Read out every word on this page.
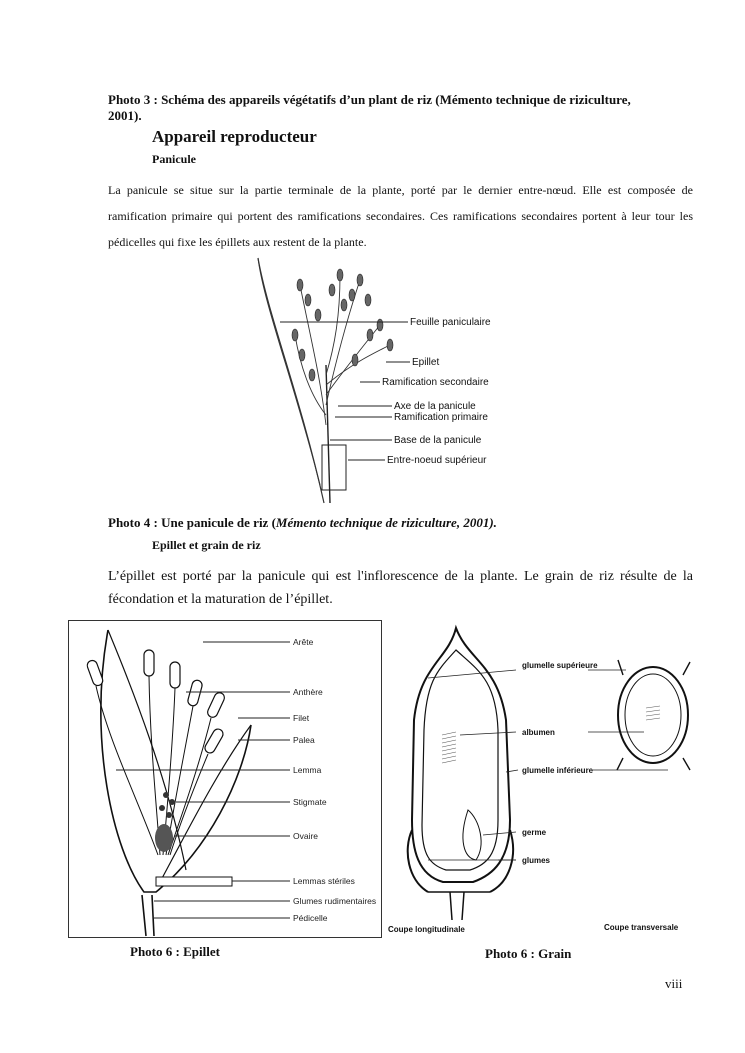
Photo 3 : Schéma des appareils végétatifs d’un plant de riz (Mémento technique de riziculture, 2001).
Appareil reproducteur
Panicule
La panicule se situe sur la partie terminale de la plante, porté par le dernier entre-nœud. Elle est composée de ramification primaire qui portent des ramifications secondaires. Ces ramifications secondaires portent à leur tour les pédicelles qui fixe les épillets aux restent de la plante.
Feuille paniculaire
Epillet
Ramification secondaire
Axe de la panicule
Ramification primaire
Base de la panicule
Entre-noeud supérieur
Photo 4 : Une panicule de riz (Mémento technique de riziculture, 2001).
Epillet et grain de riz
L’épillet est porté par la panicule qui est l'inflorescence de la plante. Le grain de riz résulte de la fécondation et la maturation de l’épillet.
Arête
Anthère
Filet
Palea
Lemma
Stigmate
Ovaire
Lemmas stériles
Glumes rudimentaires
Pédicelle
glumelle supérieure
albumen
glumelle inférieure
germe
glumes
Coupe longitudinale	Coupe transversale
Photo 6 : Epillet	Photo 6 : Grain
viii
